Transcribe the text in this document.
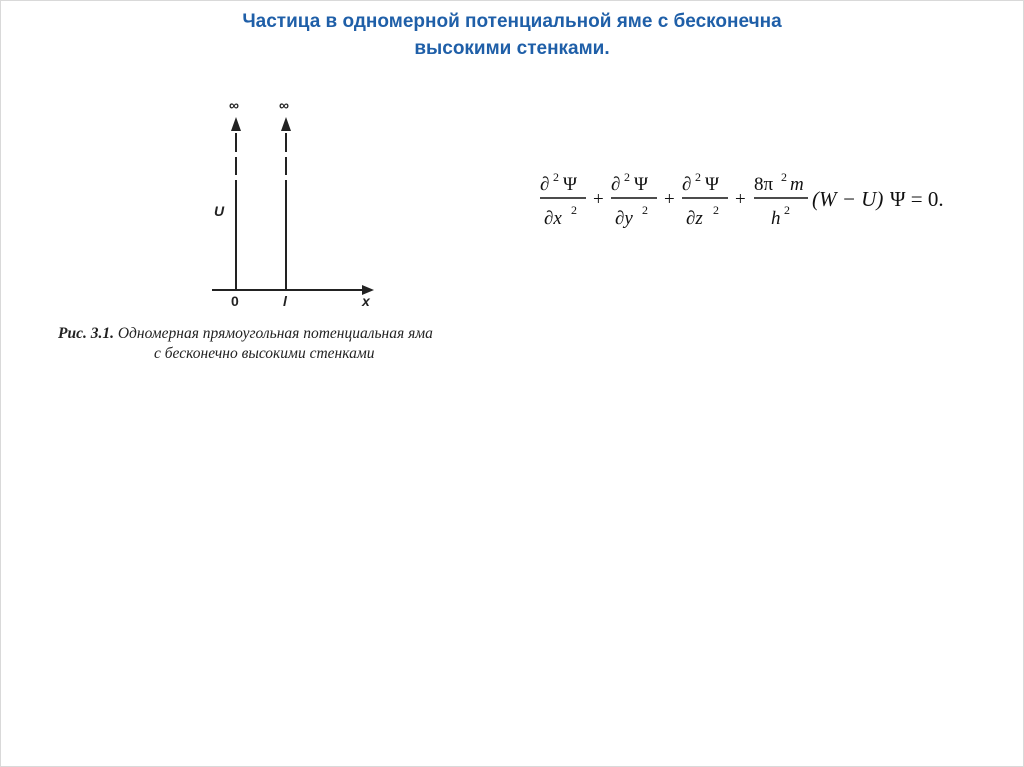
Частица в одномерной потенциальной яме с бесконечна
высокими стенками.
∞	∞
U
0	l	x
Рис. 3.1. Одномерная прямоугольная потенциальная яма
с бесконечно высокими стенками
∂ 2 Ψ
∂x 2 +
∂ 2 Ψ
∂y 2 +
∂ 2 Ψ
∂z 2 +
8π 2 m
h 2 (W − U) Ψ = 0.
